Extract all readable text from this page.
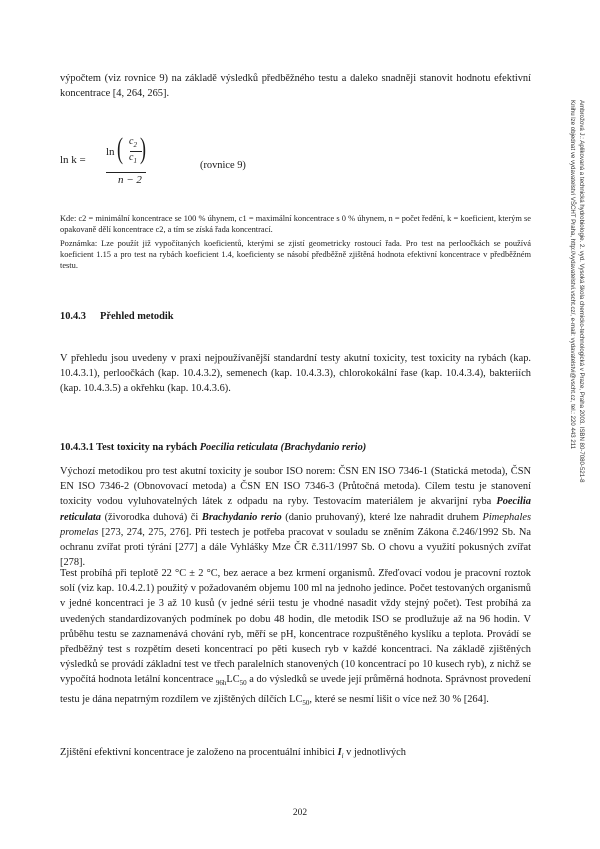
výpočtem (viz rovnice 9) na základě výsledků předběžného testu a daleko snadněji stanovit hodnotu efektivní koncentrace [4, 264, 265].

ln k =
ln ( $c_2$
$c_1$ )
n − 2
(rovnice 9)

Kde: c2 = minimální koncentrace se 100 % úhynem, c1 = maximální koncentrace s 0 % úhynem, n = počet ředění, k = koeficient, kterým se opakovaně dělí koncentrace c2, a tím se získá řada koncentrací.

Poznámka: Lze použít již vypočítaných koeficientů, kterými se zjistí geometricky rostoucí řada. Pro test na perloočkách se používá koeficient 1.15 a pro test na rybách koeficient 1.4, koeficienty se násobí předběžně zjištěná hodnota efektivní koncentrace v předběžném testu.

10.4.3 Přehled metodik

V přehledu jsou uvedeny v praxi nejpoužívanější standardní testy akutní toxicity, test toxicity na rybách (kap. 10.4.3.1), perloočkách (kap. 10.4.3.2), semenech (kap. 10.4.3.3), chlorokokální řase (kap. 10.4.3.4), bakteriích (kap. 10.4.3.5) a okřehku (kap. 10.4.3.6).

10.4.3.1 Test toxicity na rybách Poecilia reticulata (Brachydanio rerio)

Výchozí metodikou pro test akutní toxicity je soubor ISO norem: ČSN EN ISO 7346-1 (Statická metoda), ČSN EN ISO 7346-2 (Obnovovací metoda) a ČSN EN ISO 7346-3 (Průtočná metoda). Cílem testu je stanovení toxicity vodou vyluhovatelných látek z odpadu na ryby. Testovacím materiálem je akvarijní ryba Poecilia reticulata (živorodka duhová) či Brachydanio rerio (danio pruhovaný), které lze nahradit druhem Pimephales promelas [273, 274, 275, 276]. Při testech je potřeba pracovat v souladu se zněním Zákona č.246/1992 Sb. Na ochranu zvířat proti týrání [277] a dále Vyhlášky Mze ČR č.311/1997 Sb. O chovu a využití pokusných zvířat [278].

Test probíhá při teplotě 22 °C ± 2 °C, bez aerace a bez krmení organismů. Zřeďovací vodou je pracovní roztok solí (viz kap. 10.4.2.1) použitý v požadovaném objemu 100 ml na jednoho jedince. Počet testovaných organismů v jedné koncentraci je 3 až 10 kusů (v jedné sérii testu je vhodné nasadit vždy stejný počet). Test probíhá za uvedených standardizovaných podmínek po dobu 48 hodin, dle metodik ISO se prodlužuje až na 96 hodin. V průběhu testu se zaznamenává chování ryb, měří se pH, koncentrace rozpuštěného kyslíku a teplota. Provádí se předběžný test s rozpětím deseti koncentrací po pěti kusech ryb v každé koncentraci. Na základě zjištěných výsledků se provádí základní test ve třech paralelních stanovených (10 koncentrací po 10 kusech ryb), z nichž se vypočítá hodnota letální koncentrace $_{96h}LC_{50}$ a do výsledků se uvede její průměrná hodnota. Správnost provedení testu je dána nepatrným rozdílem ve zjištěných dílčích $LC_{50}$, které se nesmí lišit o více než 30 % [264].

Zjištění efektivní koncentrace je založeno na procentuální inhibici $I_i$ v jednotlivých

Ambrožová J.: Aplikovaná a technická hydrobiologie. 2. vyd. Vysoká škola chemicko-technologická v Praze, Praha 2003. ISBN 80-7080-521-8
Knihu lze objednat ve vydavatelství VŠCHT Praha, http://vydavatelstvi.vscht.cz/, e-mail: vydavatelstvi@vscht.cz, tel.: 220 443 211
202
